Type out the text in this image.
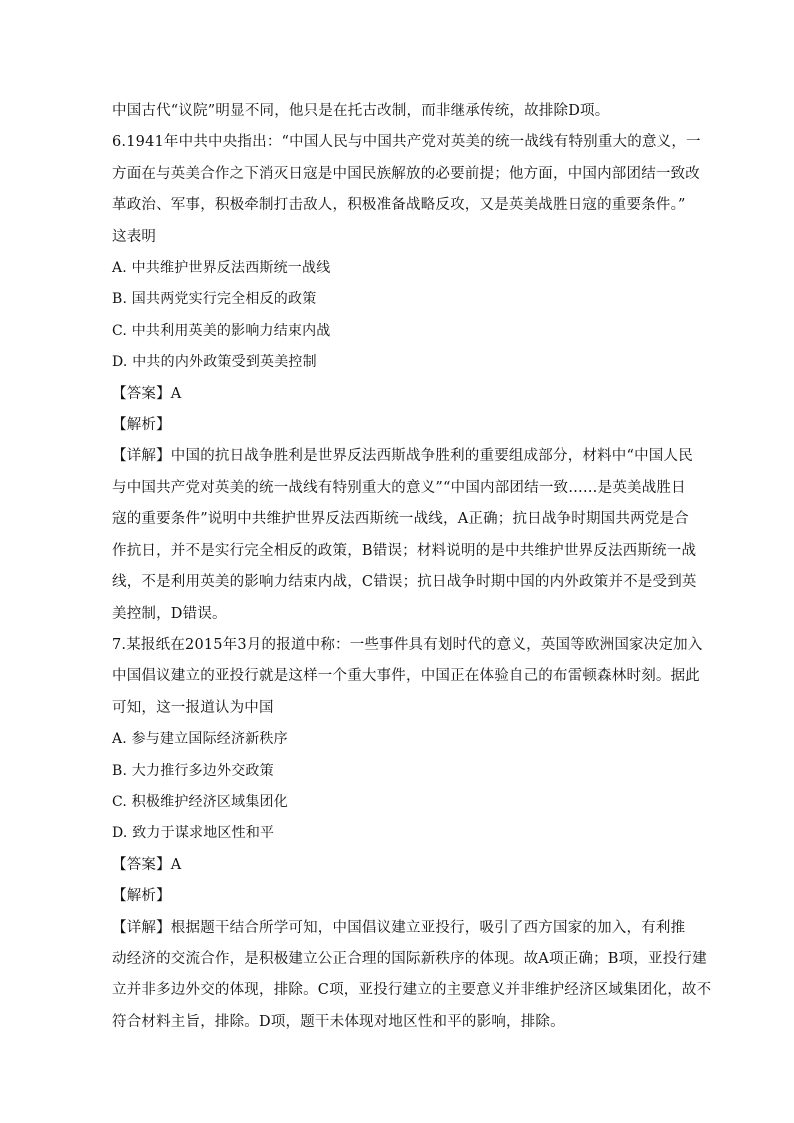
中国古代“议院”明显不同，他只是在托古改制，而非继承传统，故排除D项。
6.1941年中共中央指出：“中国人民与中国共产党对英美的统一战线有特别重大的意义，一
方面在与英美合作之下消灭日寇是中国民族解放的必要前提；他方面，中国内部团结一致改
革政治、军事，积极牵制打击敌人，积极准备战略反攻，又是英美战胜日寇的重要条件。”
这表明
A. 中共维护世界反法西斯统一战线
B. 国共两党实行完全相反的政策
C. 中共利用英美的影响力结束内战
D. 中共的内外政策受到英美控制
【答案】A
【解析】
【详解】中国的抗日战争胜利是世界反法西斯战争胜利的重要组成部分，材料中“中国人民
与中国共产党对英美的统一战线有特别重大的意义”“中国内部团结一致……是英美战胜日
寇的重要条件”说明中共维护世界反法西斯统一战线，A正确；抗日战争时期国共两党是合
作抗日，并不是实行完全相反的政策，B错误；材料说明的是中共维护世界反法西斯统一战
线，不是利用英美的影响力结束内战，C错误；抗日战争时期中国的内外政策并不是受到英
美控制，D错误。
7.某报纸在2015年3月的报道中称：一些事件具有划时代的意义，英国等欧洲国家决定加入
中国倡议建立的亚投行就是这样一个重大事件，中国正在体验自己的布雷顿森林时刻。据此
可知，这一报道认为中国
A. 参与建立国际经济新秩序
B. 大力推行多边外交政策
C. 积极维护经济区域集团化
D. 致力于谋求地区性和平
【答案】A
【解析】
【详解】根据题干结合所学可知，中国倡议建立亚投行，吸引了西方国家的加入，有利推
动经济的交流合作，是积极建立公正合理的国际新秩序的体现。故A项正确；B项，亚投行建
立并非多边外交的体现，排除。C项，亚投行建立的主要意义并非维护经济区域集团化，故不
符合材料主旨，排除。D项，题干未体现对地区性和平的影响，排除。
